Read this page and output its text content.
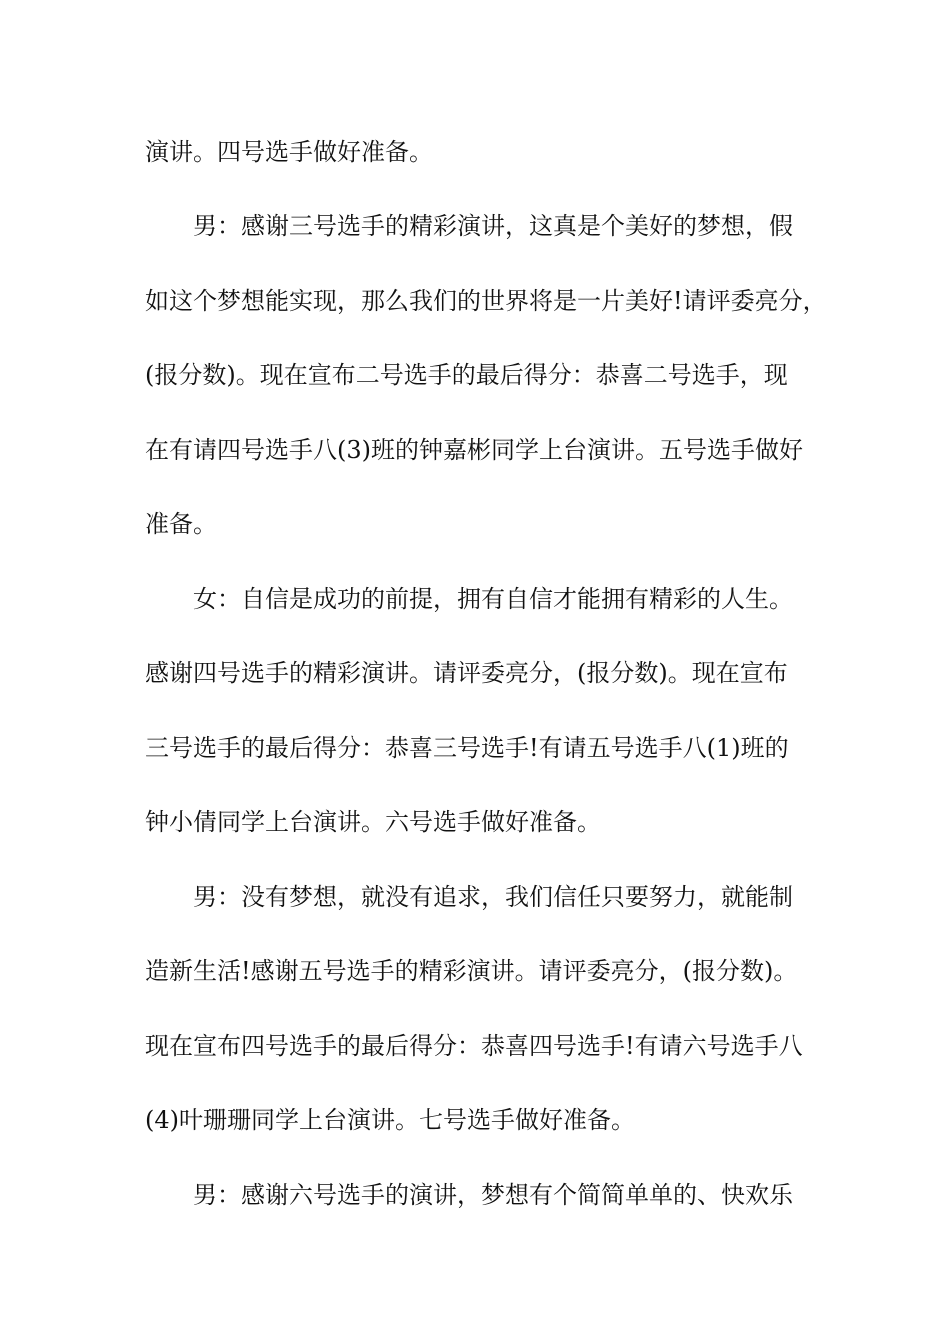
演讲。四号选手做好准备。
男：感谢三号选手的精彩演讲，这真是个美好的梦想，假
如这个梦想能实现，那么我们的世界将是一片美好!请评委亮分，
(报分数)。现在宣布二号选手的最后得分：恭喜二号选手，现
在有请四号选手八(3)班的钟嘉彬同学上台演讲。五号选手做好
准备。
女：自信是成功的前提，拥有自信才能拥有精彩的人生。
感谢四号选手的精彩演讲。请评委亮分，(报分数)。现在宣布
三号选手的最后得分：恭喜三号选手!有请五号选手八(1)班的
钟小倩同学上台演讲。六号选手做好准备。
男：没有梦想，就没有追求，我们信任只要努力，就能制
造新生活!感谢五号选手的精彩演讲。请评委亮分，(报分数)。
现在宣布四号选手的最后得分：恭喜四号选手!有请六号选手八
(4)叶珊珊同学上台演讲。七号选手做好准备。
男：感谢六号选手的演讲，梦想有个简简单单的、快欢乐
